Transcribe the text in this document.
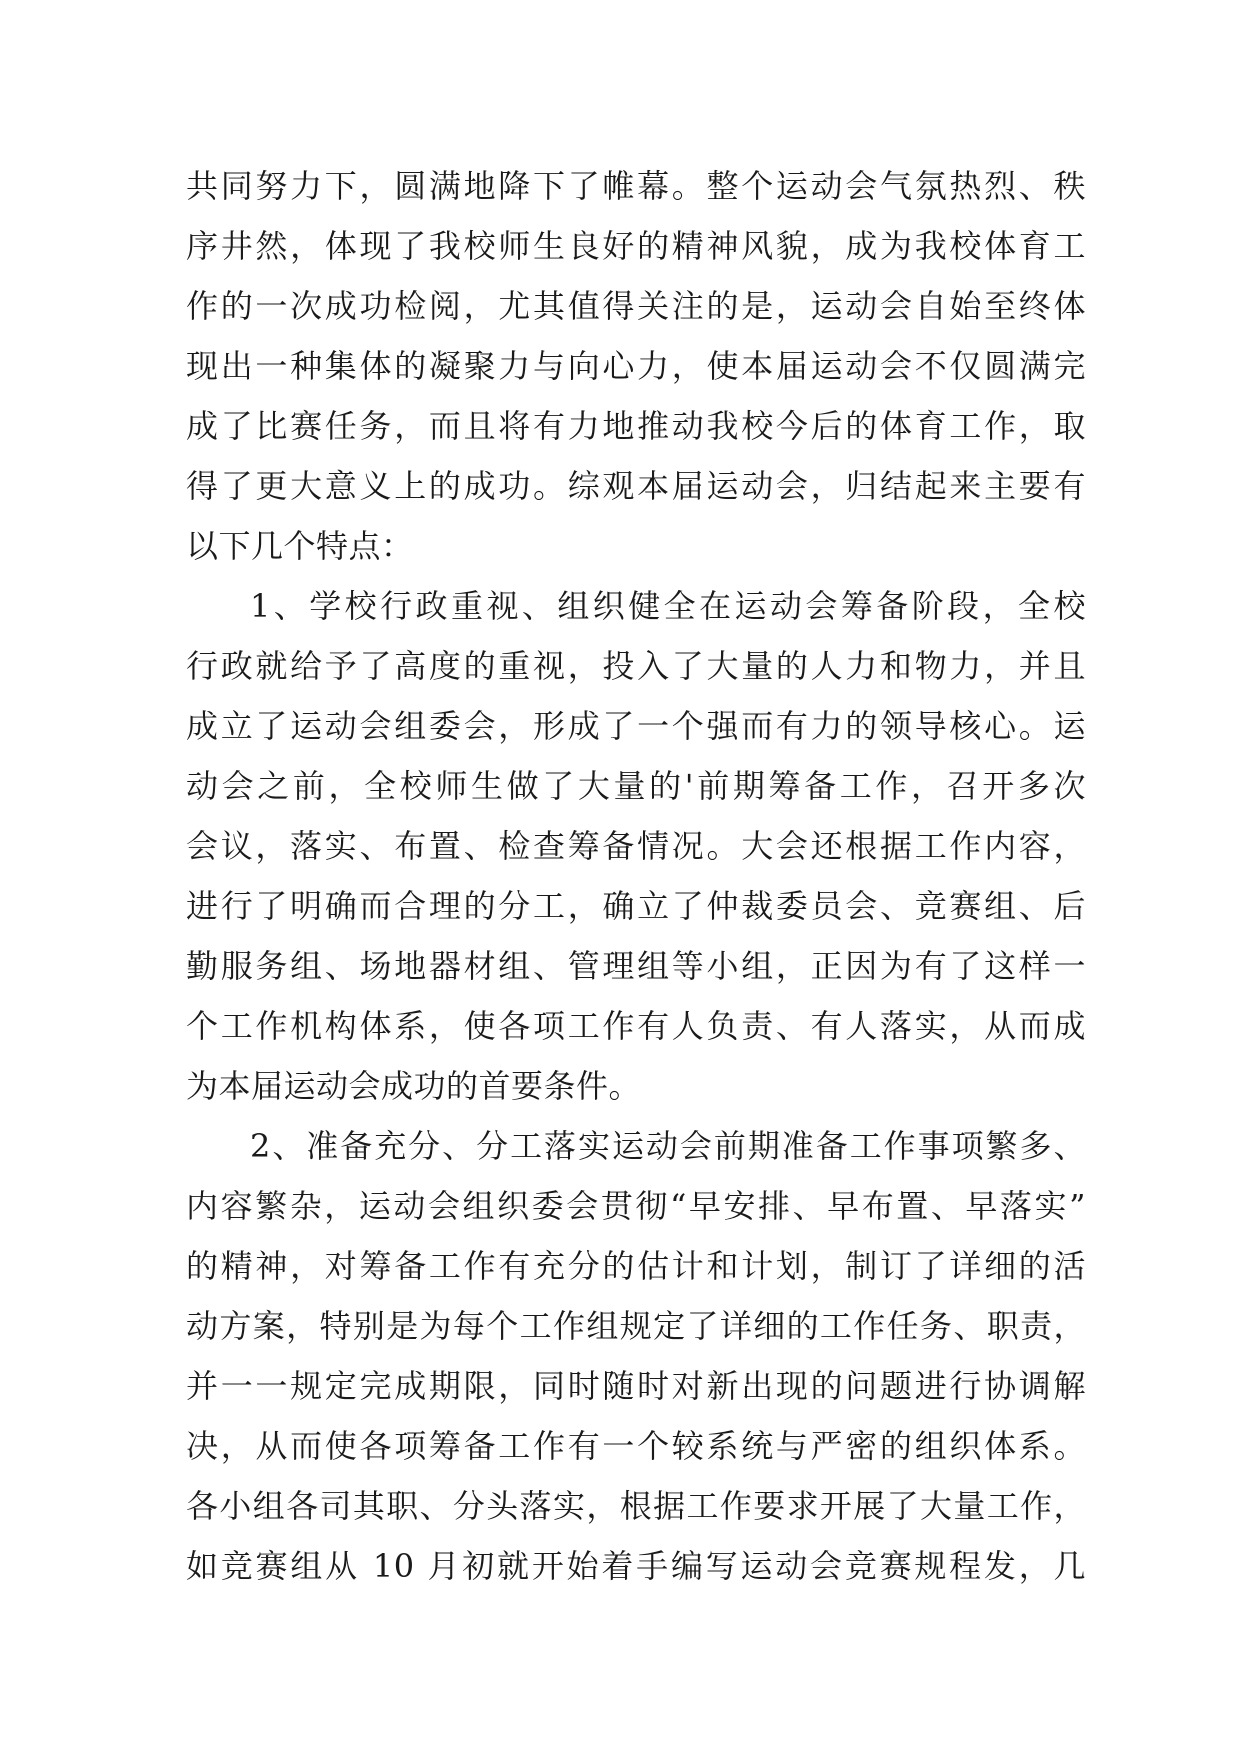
共同努力下，圆满地降下了帷幕。整个运动会气氛热烈、秩
序井然，体现了我校师生良好的精神风貌，成为我校体育工
作的一次成功检阅，尤其值得关注的是，运动会自始至终体
现出一种集体的凝聚力与向心力，使本届运动会不仅圆满完
成了比赛任务，而且将有力地推动我校今后的体育工作，取
得了更大意义上的成功。综观本届运动会，归结起来主要有
以下几个特点：
1、学校行政重视、组织健全在运动会筹备阶段，全校
行政就给予了高度的重视，投入了大量的人力和物力，并且
成立了运动会组委会，形成了一个强而有力的领导核心。运
动会之前，全校师生做了大量的'前期筹备工作，召开多次
会议，落实、布置、检查筹备情况。大会还根据工作内容，
进行了明确而合理的分工，确立了仲裁委员会、竞赛组、后
勤服务组、场地器材组、管理组等小组，正因为有了这样一
个工作机构体系，使各项工作有人负责、有人落实，从而成
为本届运动会成功的首要条件。
2、准备充分、分工落实运动会前期准备工作事项繁多、
内容繁杂，运动会组织委会贯彻“早安排、早布置、早落实”
的精神，对筹备工作有充分的估计和计划，制订了详细的活
动方案，特别是为每个工作组规定了详细的工作任务、职责，
并一一规定完成期限，同时随时对新出现的问题进行协调解
决，从而使各项筹备工作有一个较系统与严密的组织体系。
各小组各司其职、分头落实，根据工作要求开展了大量工作，
如竞赛组从 10 月初就开始着手编写运动会竞赛规程发，几
